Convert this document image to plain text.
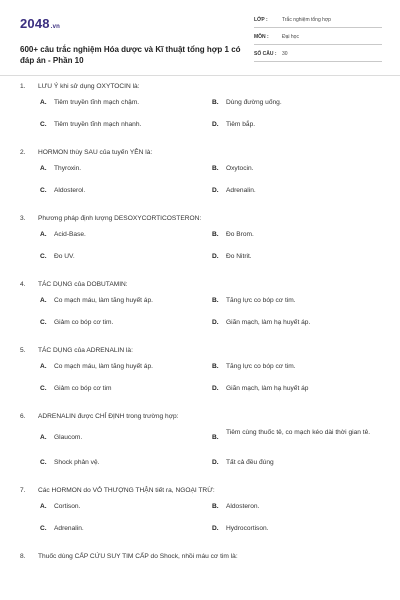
2048.vn
600+ câu trắc nghiệm Hóa dược và Kĩ thuật tổng hợp 1 có đáp án - Phần 10
LỚP :	Trắc nghiệm tổng hợp
MÔN :	Đại học
SỐ CÂU : 30
1. LƯU Ý khi sử dụng OXYTOCIN là:
A. Tiêm truyền tĩnh mạch chậm.	B. Dùng đường uống.
C. Tiêm truyền tĩnh mạch nhanh.	D. Tiêm bắp.
2. HORMON thùy SAU của tuyến YÊN là:
A. Thyroxin.	B. Oxytocin.
C. Aldosterol.	D. Adrenalin.
3. Phương pháp định lượng DESOXYCORTICOSTERON:
A. Acid-Base.	B. Đo Brom.
C. Đo UV.	D. Đo Nitrit.
4. TÁC DỤNG của DOBUTAMIN:
A. Co mạch máu, làm tăng huyết áp.	B. Tăng lực co bóp cơ tim.
C. Giảm co bóp cơ tim.	D. Giãn mạch, làm hạ huyết áp.
5. TÁC DỤNG của ADRENALIN là:
A. Co mạch máu, làm tăng huyết áp.	B. Tăng lực co bóp cơ tim.
C. Giảm co bóp cơ tim	D. Giãn mạch, làm hạ huyết áp
6. ADRENALIN được CHỈ ĐỊNH trong trường hợp:
A. Glaucom.	B.Tiêm cùng thuốc tê, co mạch kéo dài thời gian tê.
C. Shock phản vệ.	D. Tất cả đều đúng
7. Các HORMON do VỎ THƯỢNG THẬN tiết ra, NGOẠI TRỪ:
A. Cortison.	B. Aldosteron.
C. Adrenalin.	D. Hydrocortison.
8. Thuốc dùng CẤP CỨU SUY TIM CẤP do Shock, nhồi máu cơ tim là:
